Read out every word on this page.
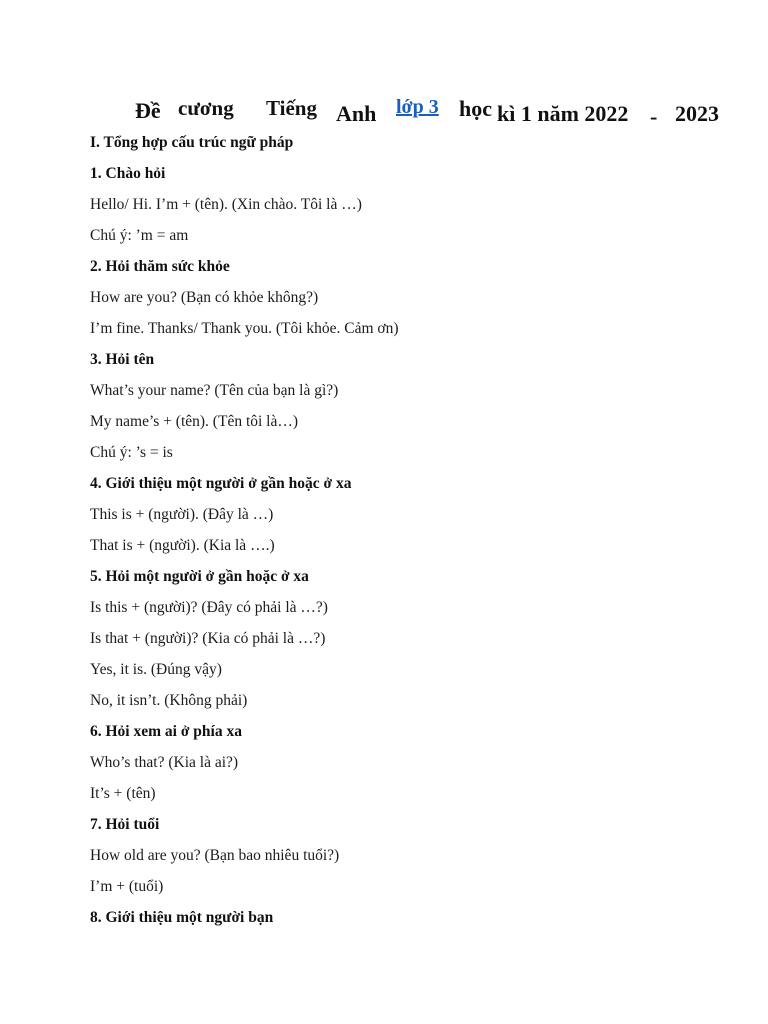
Đề cương Tiếng Anh lớp 3 học kì 1 năm 2022 - 2023
I. Tổng hợp cấu trúc ngữ pháp
1. Chào hỏi
Hello/ Hi. I’m + (tên). (Xin chào. Tôi là …)
Chú ý: ’m = am
2. Hỏi thăm sức khỏe
How are you? (Bạn có khỏe không?)
I’m fine. Thanks/ Thank you. (Tôi khỏe. Cảm ơn)
3. Hỏi tên
What’s your name? (Tên của bạn là gì?)
My name’s + (tên). (Tên tôi là…)
Chú ý: ’s = is
4. Giới thiệu một người ở gần hoặc ở xa
This is + (người). (Đây là …)
That is + (người). (Kia là ….)
5. Hỏi một người ở gần hoặc ở xa
Is this + (người)? (Đây có phải là …?)
Is that + (người)? (Kia có phải là …?)
Yes, it is. (Đúng vậy)
No, it isn’t. (Không phải)
6. Hỏi xem ai ở phía xa
Who’s that? (Kia là ai?)
It’s + (tên)
7. Hỏi tuổi
How old are you? (Bạn bao nhiêu tuổi?)
I’m + (tuổi)
8. Giới thiệu một người bạn
